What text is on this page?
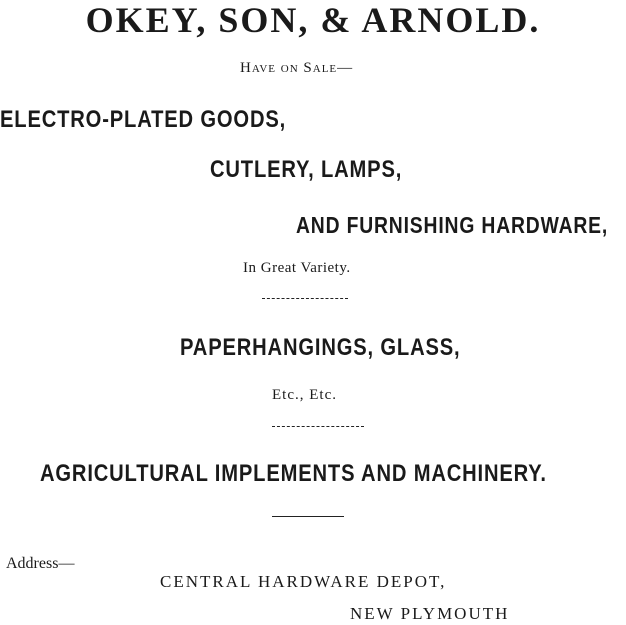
OKEY, SON, & ARNOLD.
Have on Sale—
ELECTRO-PLATED GOODS,
CUTLERY, LAMPS,
AND FURNISHING HARDWARE,
In Great Variety.
PAPERHANGINGS, GLASS,
Etc., Etc.
AGRICULTURAL IMPLEMENTS AND MACHINERY.
Address—
CENTRAL HARDWARE DEPOT,
NEW PLYMOUTH
